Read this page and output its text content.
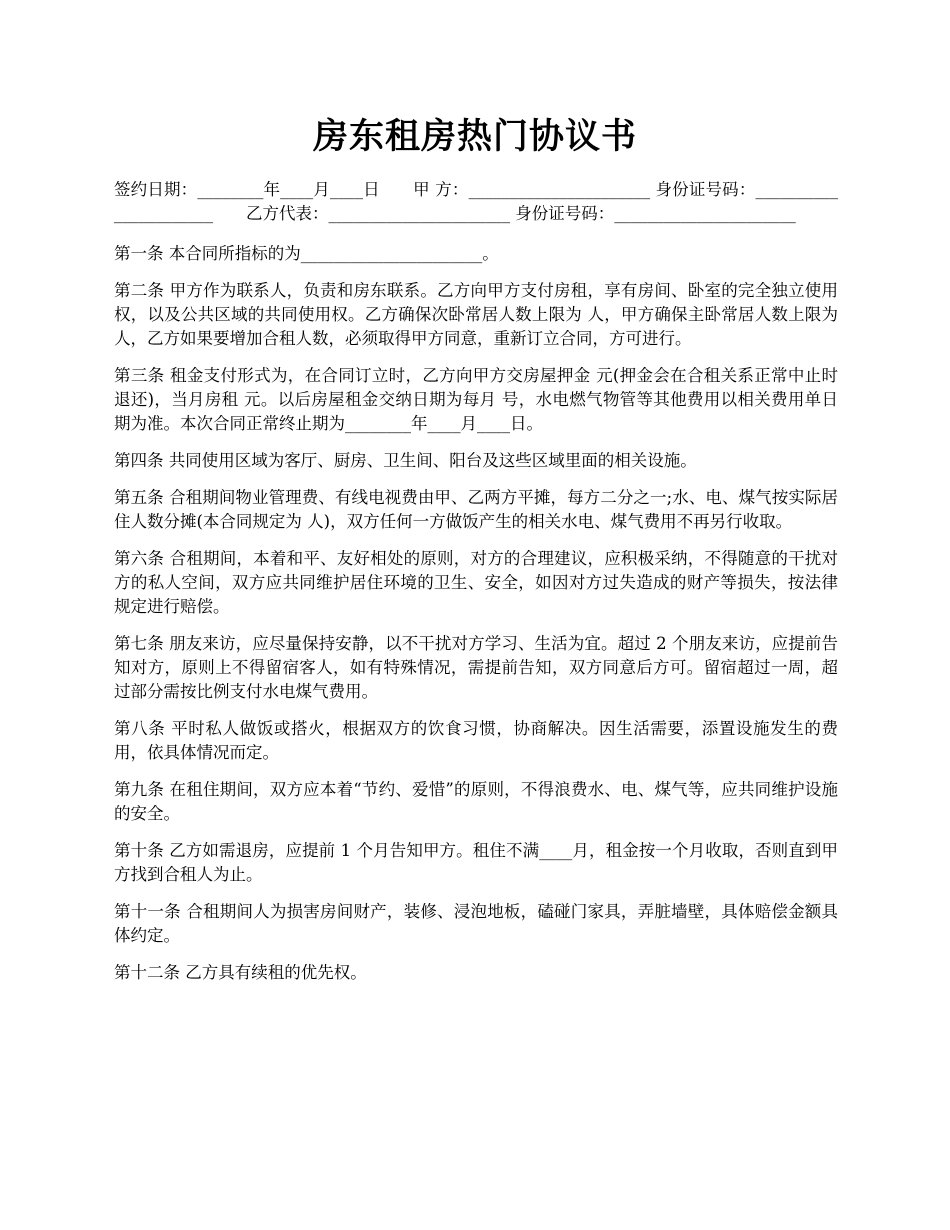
房东租房热门协议书

签约日期：________年____月____日　　甲 方：______________________ 身份证号码：______________________　　乙方代表：______________________ 身份证号码：______________________

第一条 本合同所指标的为______________________。

第二条 甲方作为联系人，负责和房东联系。乙方向甲方支付房租，享有房间、卧室的完全独立使用权，以及公共区域的共同使用权。乙方确保次卧常居人数上限为 人，甲方确保主卧常居人数上限为 人，乙方如果要增加合租人数，必须取得甲方同意，重新订立合同，方可进行。

第三条 租金支付形式为，在合同订立时，乙方向甲方交房屋押金 元(押金会在合租关系正常中止时退还)，当月房租 元。以后房屋租金交纳日期为每月 号，水电燃气物管等其他费用以相关费用单日期为准。本次合同正常终止期为________年____月____日。

第四条 共同使用区域为客厅、厨房、卫生间、阳台及这些区域里面的相关设施。

第五条 合租期间物业管理费、有线电视费由甲、乙两方平摊，每方二分之一;水、电、煤气按实际居住人数分摊(本合同规定为 人)，双方任何一方做饭产生的相关水电、煤气费用不再另行收取。

第六条 合租期间，本着和平、友好相处的原则，对方的合理建议，应积极采纳，不得随意的干扰对方的私人空间，双方应共同维护居住环境的卫生、安全，如因对方过失造成的财产等损失，按法律规定进行赔偿。

第七条 朋友来访，应尽量保持安静，以不干扰对方学习、生活为宜。超过 2 个朋友来访，应提前告知对方，原则上不得留宿客人，如有特殊情况，需提前告知，双方同意后方可。留宿超过一周，超过部分需按比例支付水电煤气费用。

第八条 平时私人做饭或搭火，根据双方的饮食习惯，协商解决。因生活需要，添置设施发生的费用，依具体情况而定。

第九条 在租住期间，双方应本着“节约、爱惜”的原则，不得浪费水、电、煤气等，应共同维护设施的安全。

第十条 乙方如需退房，应提前 1 个月告知甲方。租住不满____月，租金按一个月收取，否则直到甲方找到合租人为止。

第十一条 合租期间人为损害房间财产，装修、浸泡地板，磕碰门家具，弄脏墙壁，具体赔偿金额具体约定。

第十二条 乙方具有续租的优先权。
